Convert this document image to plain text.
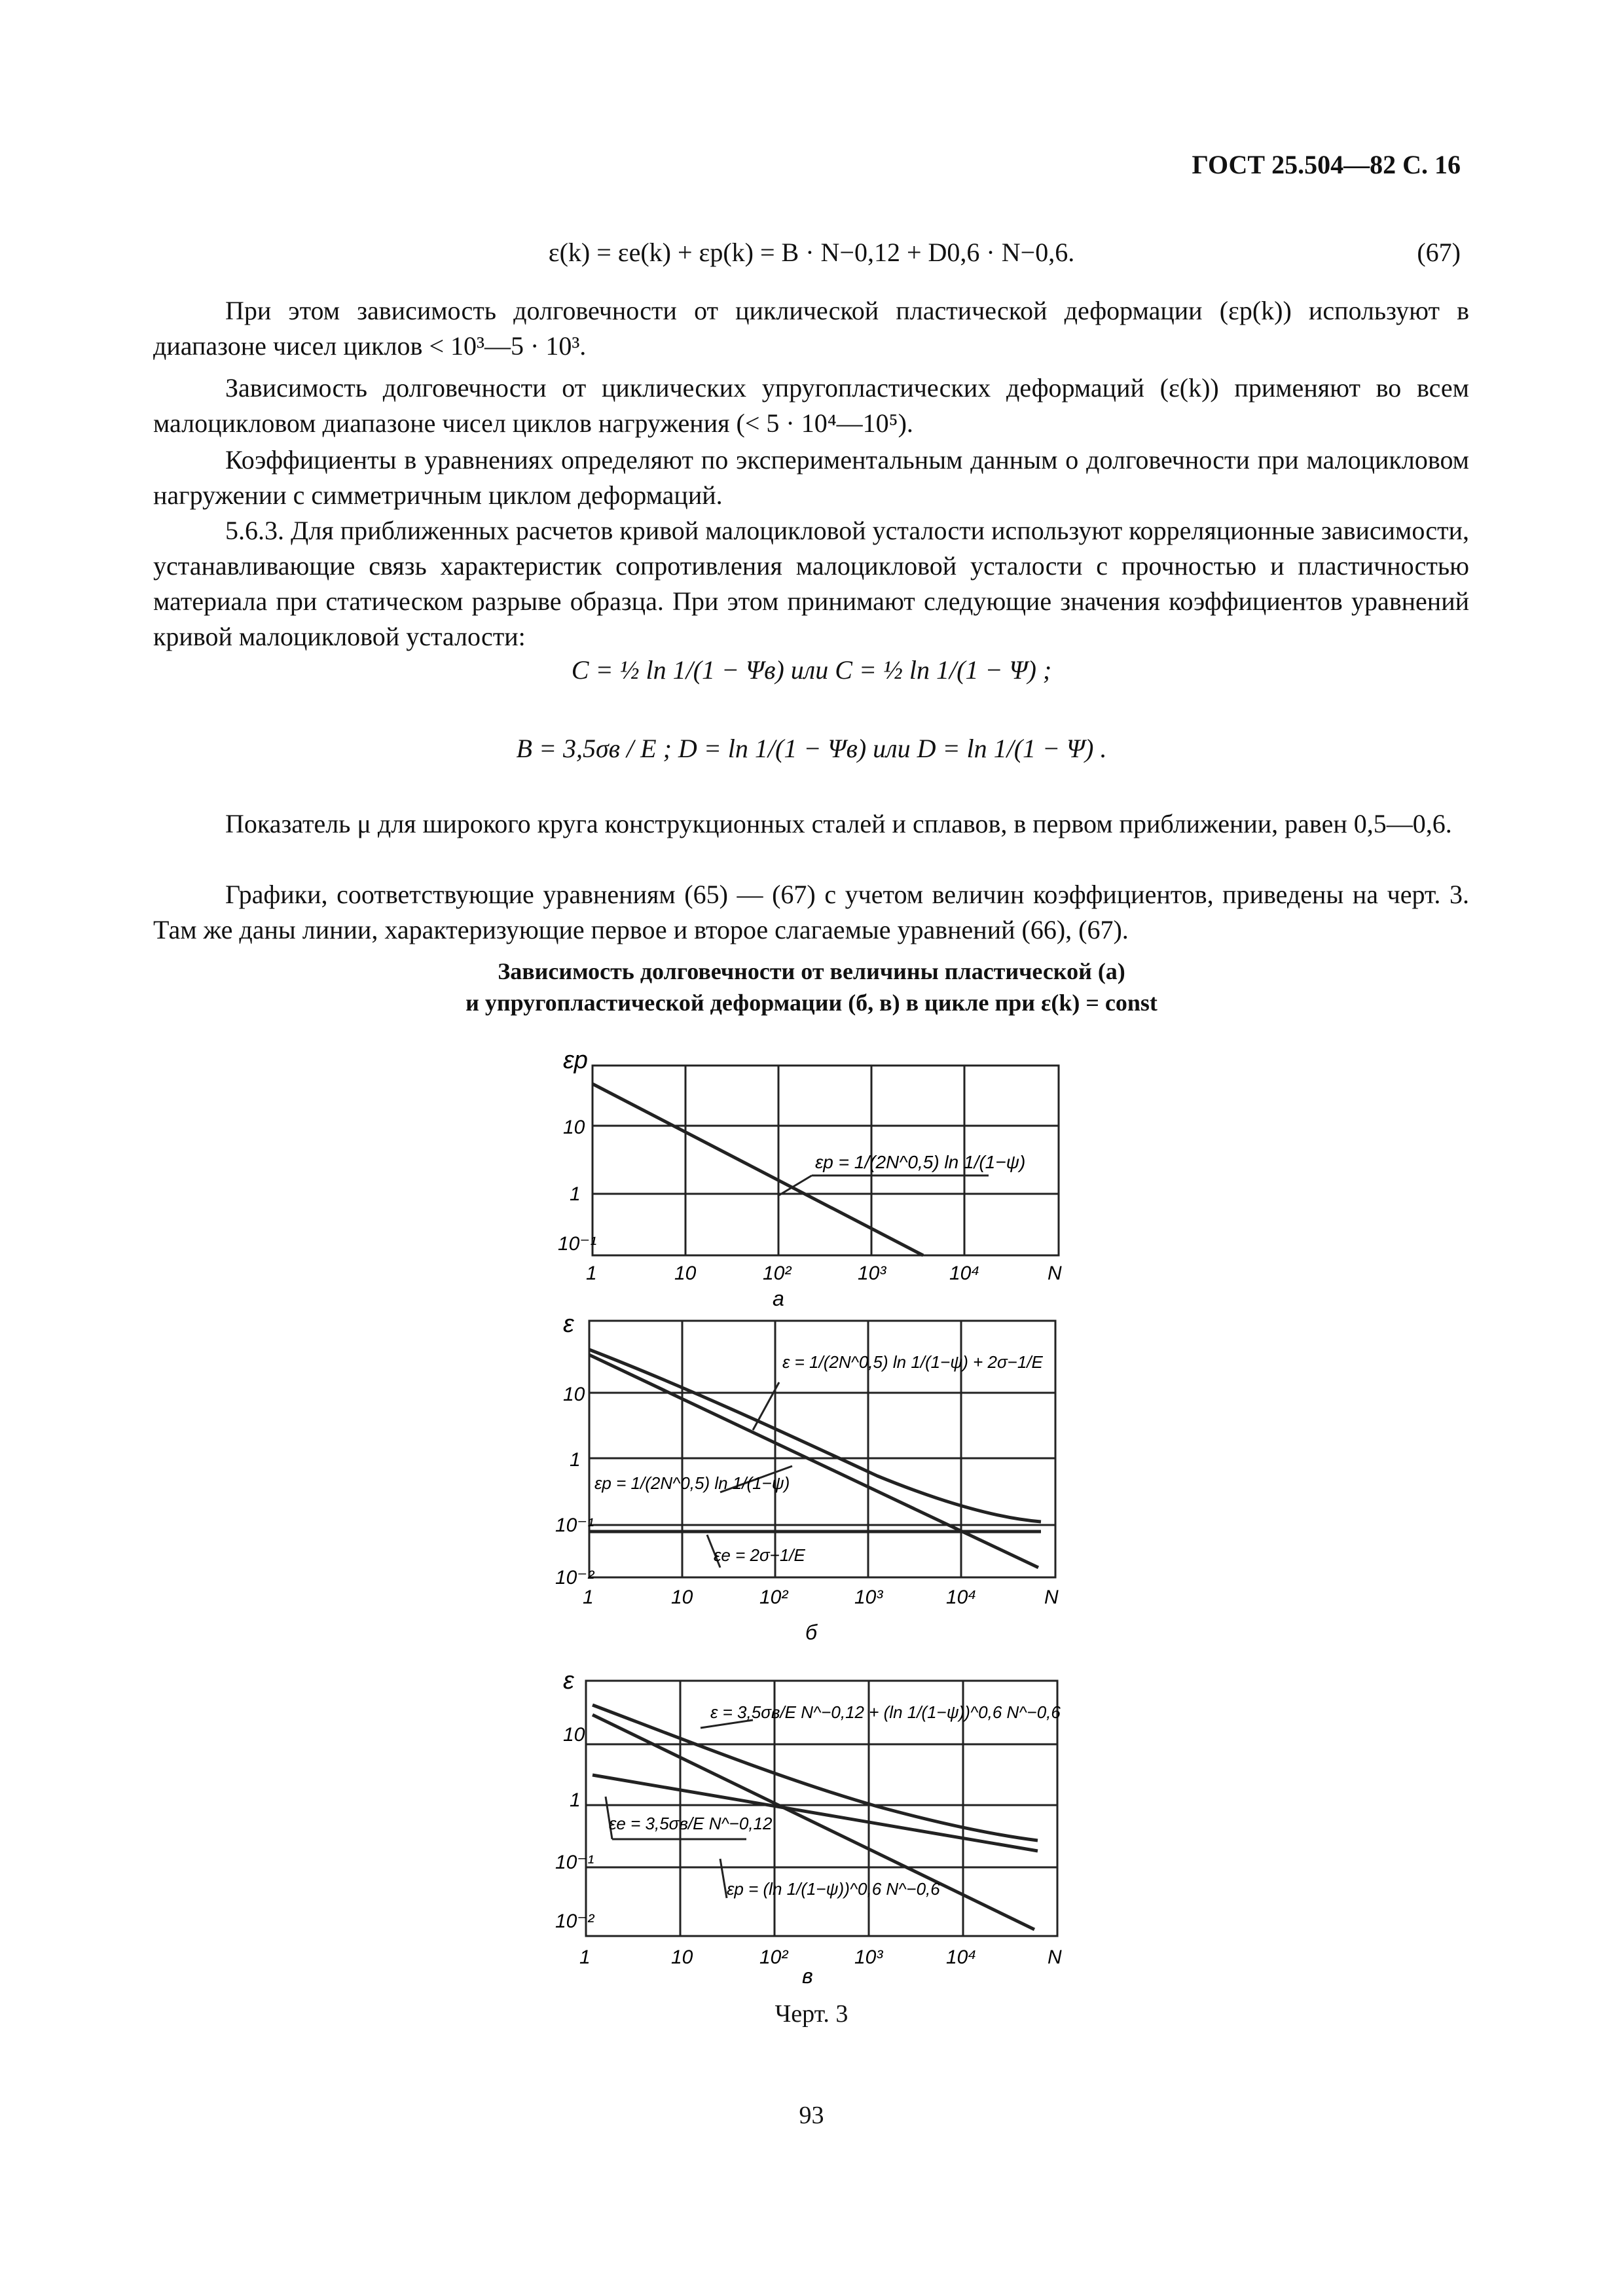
ГОСТ 25.504—82 С. 16
ε(k) = εe(k) + εp(k) = B · N−0,12 + D0,6 · N−0,6.	(67)
При этом зависимость долговечности от циклической пластической деформации (εp(k)) используют в диапазоне чисел циклов < 10³—5 · 10³.
Зависимость долговечности от циклических упругопластических деформаций (ε(k)) применяют во всем малоцикловом диапазоне чисел циклов нагружения (< 5 · 10⁴—10⁵).
Коэффициенты в уравнениях определяют по экспериментальным данным о долговечности при малоцикловом нагружении с симметричным циклом деформаций.
5.6.3. Для приближенных расчетов кривой малоцикловой усталости используют корреляционные зависимости, устанавливающие связь характеристик сопротивления малоцикловой усталости с прочностью и пластичностью материала при статическом разрыве образца. При этом принимают следующие значения коэффициентов уравнений кривой малоцикловой усталости:
C = ½ ln 1/(1 − Ψв) или C = ½ ln 1/(1 − Ψ) ;
B = 3,5σв / E ; D = ln 1/(1 − Ψв) или D = ln 1/(1 − Ψ) .
Показатель μ для широкого круга конструкционных сталей и сплавов, в первом приближении, равен 0,5—0,6.
Графики, соответствующие уравнениям (65) — (67) с учетом величин коэффициентов, приведены на черт. 3. Там же даны линии, характеризующие первое и второе слагаемые уравнений (66), (67).
Зависимость долговечности от величины пластической (а)
и упругопластической деформации (б, в) в цикле при ε(k) = const
εp
10
1
10⁻¹
1	10	10²	10³	10⁴	N
а
εp = 1/(2N^0,5) ln 1/(1−ψ)
ε
10
1
10⁻¹
10⁻²
1	10	10²	10³	10⁴	N
б
ε = 1/(2N^0,5) ln 1/(1−ψ) + 2σ−1/E
εp = 1/(2N^0,5) ln 1/(1−ψ)
εe = 2σ−1/E
ε
10
1
10⁻¹
10⁻²
1	10	10²	10³	10⁴	N
в
ε = 3,5σв/E N^−0,12 + (ln 1/(1−ψ))^0,6 N^−0,6
εe = 3,5σв/E N^−0,12
εp = (ln 1/(1−ψ))^0,6 N^−0,6
Черт. 3
93
